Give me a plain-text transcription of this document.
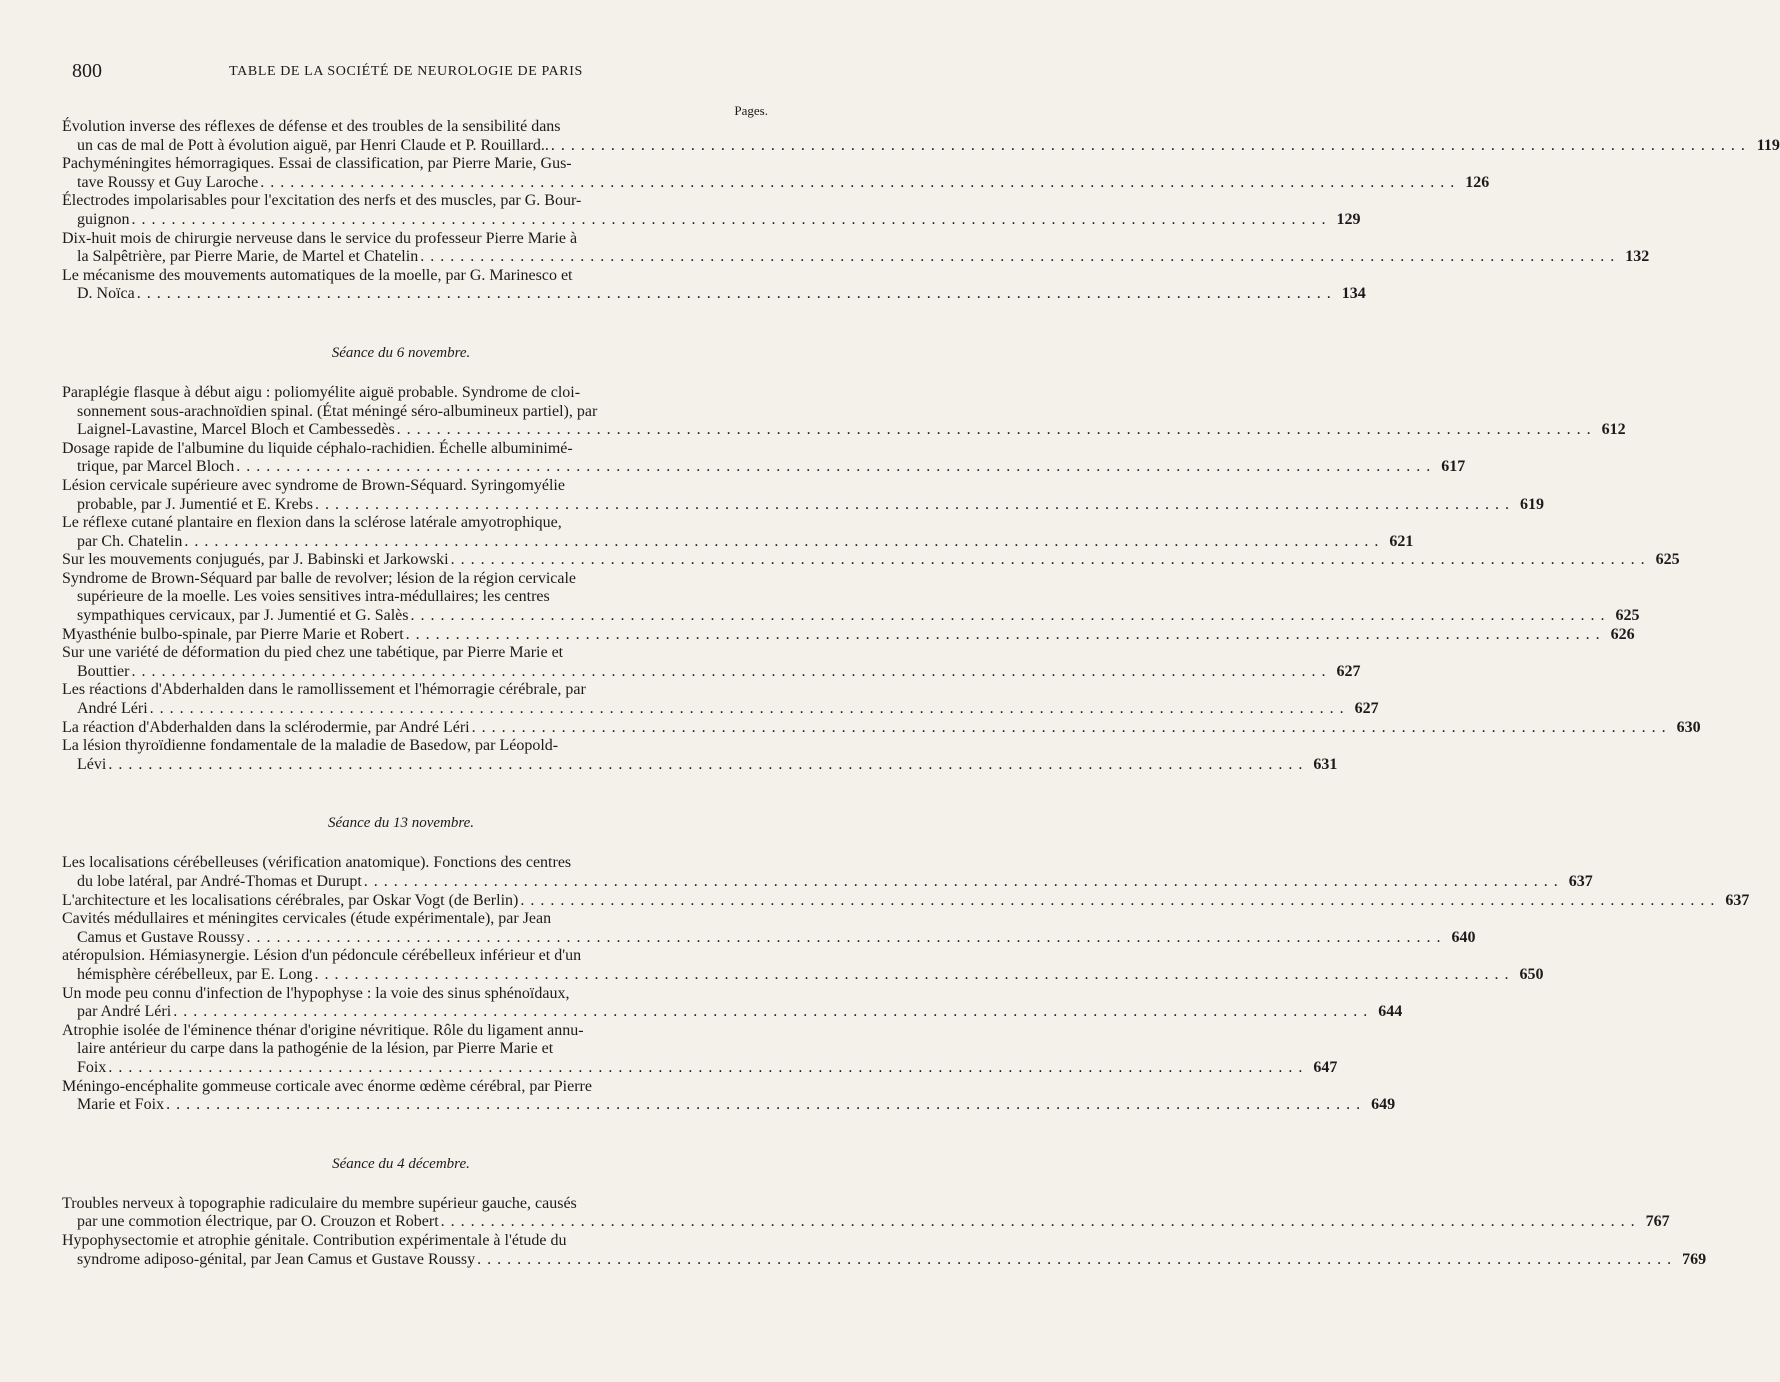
800	TABLE DE LA SOCIÉTÉ DE NEUROLOGIE DE PARIS
Pages.
Évolution inverse des réflexes de défense et des troubles de la sensibilité dans
un cas de mal de Pott à évolution aiguë, par Henri Claude et P. Rouillard.. . . . . . . . . . . . . . . . . . . . . . . . . . . . . . . . . . . . . . . . . . . . . . . . . . . . . . . . . . . . . . . . . . . . . . . . . . . . . . . . . . . . . . . . . . . . . . . . . . . . . . . . . . . . . . . . . . . . . . . . . 119
Pachyméningites hémorragiques. Essai de classification, par Pierre Marie, Gus-
tave Roussy et Guy Laroche . . . . . . . . . . . . . . . . . . . . . . . . . . . . . . . . . . . . . . . . . . . . . . . . . . . . . . . . . . . . . . . . . . . . . . . . . . . . . . . . . . . . . . . . . . . . . . . . . . . . . . . . . . . . . . . . . . . . . . . . 126
Électrodes impolarisables pour l'excitation des nerfs et des muscles, par G. Bour-
guignon . . . . . . . . . . . . . . . . . . . . . . . . . . . . . . . . . . . . . . . . . . . . . . . . . . . . . . . . . . . . . . . . . . . . . . . . . . . . . . . . . . . . . . . . . . . . . . . . . . . . . . . . . . . . . . . . . . . . . . . . 129
Dix-huit mois de chirurgie nerveuse dans le service du professeur Pierre Marie à
la Salpêtrière, par Pierre Marie, de Martel et Chatelin . . . . . . . . . . . . . . . . . . . . . . . . . . . . . . . . . . . . . . . . . . . . . . . . . . . . . . . . . . . . . . . . . . . . . . . . . . . . . . . . . . . . . . . . . . . . . . . . . . . . . . . . . . . . . . . . . . . . . . . . 132
Le mécanisme des mouvements automatiques de la moelle, par G. Marinesco et
D. Noïca . . . . . . . . . . . . . . . . . . . . . . . . . . . . . . . . . . . . . . . . . . . . . . . . . . . . . . . . . . . . . . . . . . . . . . . . . . . . . . . . . . . . . . . . . . . . . . . . . . . . . . . . . . . . . . . . . . . . . . . . 134
Séance du 6 novembre.
Paraplégie flasque à début aigu : poliomyélite aiguë probable. Syndrome de cloi-
sonnement sous-arachnoïdien spinal. (État méningé séro-albumineux partiel), par
Laignel-Lavastine, Marcel Bloch et Cambessedès . . . . . . . . . . . . . . . . . . . . . . . . . . . . . . . . . . . . . . . . . . . . . . . . . . . . . . . . . . . . . . . . . . . . . . . . . . . . . . . . . . . . . . . . . . . . . . . . . . . . . . . . . . . . . . . . . . . . . . . . 612
Dosage rapide de l'albumine du liquide céphalo-rachidien. Échelle albuminimé-
trique, par Marcel Bloch . . . . . . . . . . . . . . . . . . . . . . . . . . . . . . . . . . . . . . . . . . . . . . . . . . . . . . . . . . . . . . . . . . . . . . . . . . . . . . . . . . . . . . . . . . . . . . . . . . . . . . . . . . . . . . . . . . . . . . . . 617
Lésion cervicale supérieure avec syndrome de Brown-Séquard. Syringomyélie
probable, par J. Jumentié et E. Krebs . . . . . . . . . . . . . . . . . . . . . . . . . . . . . . . . . . . . . . . . . . . . . . . . . . . . . . . . . . . . . . . . . . . . . . . . . . . . . . . . . . . . . . . . . . . . . . . . . . . . . . . . . . . . . . . . . . . . . . . . 619
Le réflexe cutané plantaire en flexion dans la sclérose latérale amyotrophique,
par Ch. Chatelin . . . . . . . . . . . . . . . . . . . . . . . . . . . . . . . . . . . . . . . . . . . . . . . . . . . . . . . . . . . . . . . . . . . . . . . . . . . . . . . . . . . . . . . . . . . . . . . . . . . . . . . . . . . . . . . . . . . . . . . . 621
Sur les mouvements conjugués, par J. Babinski et Jarkowski . . . . . . . . . . . . . . . . . . . . . . . . . . . . . . . . . . . . . . . . . . . . . . . . . . . . . . . . . . . . . . . . . . . . . . . . . . . . . . . . . . . . . . . . . . . . . . . . . . . . . . . . . . . . . . . . . . . . . . . . 625
Syndrome de Brown-Séquard par balle de revolver; lésion de la région cervicale
supérieure de la moelle. Les voies sensitives intra-médullaires; les centres
sympathiques cervicaux, par J. Jumentié et G. Salès . . . . . . . . . . . . . . . . . . . . . . . . . . . . . . . . . . . . . . . . . . . . . . . . . . . . . . . . . . . . . . . . . . . . . . . . . . . . . . . . . . . . . . . . . . . . . . . . . . . . . . . . . . . . . . . . . . . . . . . . 625
Myasthénie bulbo-spinale, par Pierre Marie et Robert . . . . . . . . . . . . . . . . . . . . . . . . . . . . . . . . . . . . . . . . . . . . . . . . . . . . . . . . . . . . . . . . . . . . . . . . . . . . . . . . . . . . . . . . . . . . . . . . . . . . . . . . . . . . . . . . . . . . . . . . 626
Sur une variété de déformation du pied chez une tabétique, par Pierre Marie et
Bouttier . . . . . . . . . . . . . . . . . . . . . . . . . . . . . . . . . . . . . . . . . . . . . . . . . . . . . . . . . . . . . . . . . . . . . . . . . . . . . . . . . . . . . . . . . . . . . . . . . . . . . . . . . . . . . . . . . . . . . . . . 627
Les réactions d'Abderhalden dans le ramollissement et l'hémorragie cérébrale, par
André Léri . . . . . . . . . . . . . . . . . . . . . . . . . . . . . . . . . . . . . . . . . . . . . . . . . . . . . . . . . . . . . . . . . . . . . . . . . . . . . . . . . . . . . . . . . . . . . . . . . . . . . . . . . . . . . . . . . . . . . . . . 627
La réaction d'Abderhalden dans la sclérodermie, par André Léri . . . . . . . . . . . . . . . . . . . . . . . . . . . . . . . . . . . . . . . . . . . . . . . . . . . . . . . . . . . . . . . . . . . . . . . . . . . . . . . . . . . . . . . . . . . . . . . . . . . . . . . . . . . . . . . . . . . . . . . . 630
La lésion thyroïdienne fondamentale de la maladie de Basedow, par Léopold-
Lévi . . . . . . . . . . . . . . . . . . . . . . . . . . . . . . . . . . . . . . . . . . . . . . . . . . . . . . . . . . . . . . . . . . . . . . . . . . . . . . . . . . . . . . . . . . . . . . . . . . . . . . . . . . . . . . . . . . . . . . . . 631
Séance du 13 novembre.
Les localisations cérébelleuses (vérification anatomique). Fonctions des centres
du lobe latéral, par André-Thomas et Durupt . . . . . . . . . . . . . . . . . . . . . . . . . . . . . . . . . . . . . . . . . . . . . . . . . . . . . . . . . . . . . . . . . . . . . . . . . . . . . . . . . . . . . . . . . . . . . . . . . . . . . . . . . . . . . . . . . . . . . . . . 637
L'architecture et les localisations cérébrales, par Oskar Vogt (de Berlin) . . . . . . . . . . . . . . . . . . . . . . . . . . . . . . . . . . . . . . . . . . . . . . . . . . . . . . . . . . . . . . . . . . . . . . . . . . . . . . . . . . . . . . . . . . . . . . . . . . . . . . . . . . . . . . . . . . . . . . . . 637
Cavités médullaires et méningites cervicales (étude expérimentale), par Jean
Camus et Gustave Roussy . . . . . . . . . . . . . . . . . . . . . . . . . . . . . . . . . . . . . . . . . . . . . . . . . . . . . . . . . . . . . . . . . . . . . . . . . . . . . . . . . . . . . . . . . . . . . . . . . . . . . . . . . . . . . . . . . . . . . . . . 640
atéropulsion. Hémiasynergie. Lésion d'un pédoncule cérébelleux inférieur et d'un
hémisphère cérébelleux, par E. Long . . . . . . . . . . . . . . . . . . . . . . . . . . . . . . . . . . . . . . . . . . . . . . . . . . . . . . . . . . . . . . . . . . . . . . . . . . . . . . . . . . . . . . . . . . . . . . . . . . . . . . . . . . . . . . . . . . . . . . . . 650
Un mode peu connu d'infection de l'hypophyse : la voie des sinus sphénoïdaux,
par André Léri . . . . . . . . . . . . . . . . . . . . . . . . . . . . . . . . . . . . . . . . . . . . . . . . . . . . . . . . . . . . . . . . . . . . . . . . . . . . . . . . . . . . . . . . . . . . . . . . . . . . . . . . . . . . . . . . . . . . . . . . 644
Atrophie isolée de l'éminence thénar d'origine névritique. Rôle du ligament annu-
laire antérieur du carpe dans la pathogénie de la lésion, par Pierre Marie et
Foix . . . . . . . . . . . . . . . . . . . . . . . . . . . . . . . . . . . . . . . . . . . . . . . . . . . . . . . . . . . . . . . . . . . . . . . . . . . . . . . . . . . . . . . . . . . . . . . . . . . . . . . . . . . . . . . . . . . . . . . . 647
Méningo-encéphalite gommeuse corticale avec énorme œdème cérébral, par Pierre
Marie et Foix . . . . . . . . . . . . . . . . . . . . . . . . . . . . . . . . . . . . . . . . . . . . . . . . . . . . . . . . . . . . . . . . . . . . . . . . . . . . . . . . . . . . . . . . . . . . . . . . . . . . . . . . . . . . . . . . . . . . . . . . 649
Séance du 4 décembre.
Troubles nerveux à topographie radiculaire du membre supérieur gauche, causés
par une commotion électrique, par O. Crouzon et Robert . . . . . . . . . . . . . . . . . . . . . . . . . . . . . . . . . . . . . . . . . . . . . . . . . . . . . . . . . . . . . . . . . . . . . . . . . . . . . . . . . . . . . . . . . . . . . . . . . . . . . . . . . . . . . . . . . . . . . . . . 767
Hypophysectomie et atrophie génitale. Contribution expérimentale à l'étude du
syndrome adiposo-génital, par Jean Camus et Gustave Roussy . . . . . . . . . . . . . . . . . . . . . . . . . . . . . . . . . . . . . . . . . . . . . . . . . . . . . . . . . . . . . . . . . . . . . . . . . . . . . . . . . . . . . . . . . . . . . . . . . . . . . . . . . . . . . . . . . . . . . . . . 769
